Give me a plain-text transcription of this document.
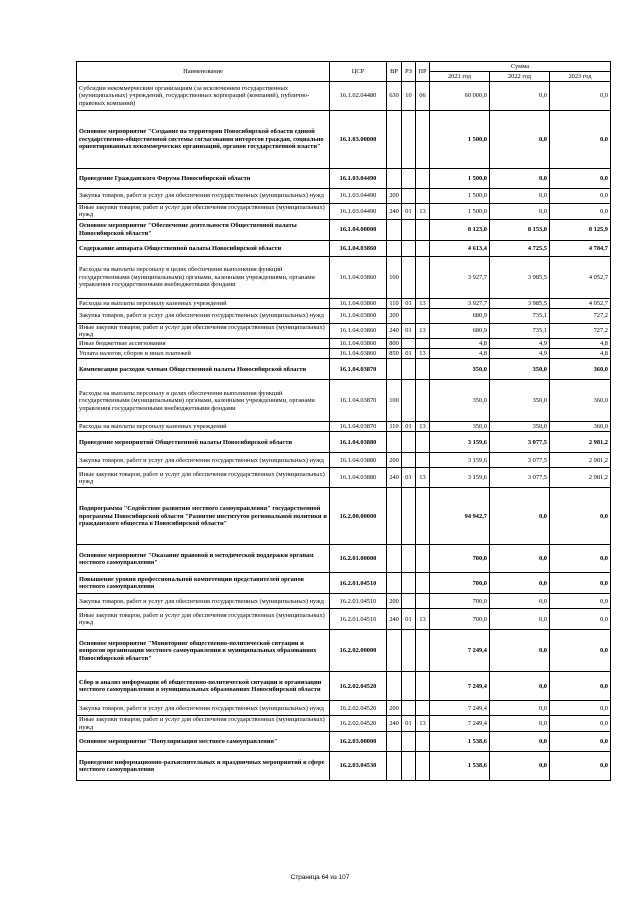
Наименование	ЦСР	ВР	РЗ	ПР	Сумма		
					2021 год	2022 год	2023 год
Субсидии некоммерческим организациям (за исключением государственных (муниципальных) учреждений, государственных корпораций (компаний), публично-правовых компаний)	16.1.02.04480	630	10	06	60 000,0	0,0	0,0
Основное мероприятие "Создание на территории Новосибирской области единой государственно-общественной системы согласования интересов граждан, социально ориентированных некоммерческих организаций, органов государственной власти"	16.1.03.00000				1 500,0	0,0	0,0
Проведение Гражданского Форума Новосибирской области	16.1.03.04490				1 500,0	0,0	0,0
Закупка товаров, работ и услуг для обеспечения государственных (муниципальных) нужд	16.1.03.04490	200			1 500,0	0,0	0,0
Иные закупки товаров, работ и услуг для обеспечения государственных (муниципальных) нужд	16.1.03.04490	240	01	13	1 500,0	0,0	0,0
Основное мероприятие "Обеспечение деятельности Общественной палаты Новосибирской области"	16.1.04.00000				8 123,0	8 153,0	8 125,9
Содержание аппарата Общественной палаты Новосибирской области	16.1.04.03860				4 613,4	4 725,5	4 784,7
Расходы на выплаты персоналу в целях обеспечения выполнения функций государственными (муниципальными) органами, казенными учреждениями, органами управления государственными внебюджетными фондами	16.1.04.03860	100			3 927,7	3 985,5	4 052,7
Расходы на выплаты персоналу казенных учреждений	16.1.04.03860	110	01	13	3 927,7	3 985,5	4 052,7
Закупка товаров, работ и услуг для обеспечения государственных (муниципальных) нужд	16.1.04.03860	200			680,9	735,1	727,2
Иные закупки товаров, работ и услуг для обеспечения государственных (муниципальных) нужд	16.1.04.03860	240	01	13	680,9	735,1	727,2
Иные бюджетные ассигнования	16.1.04.03860	800			4,8	4,9	4,8
Уплата налогов, сборов и иных платежей	16.1.04.03860	850	01	13	4,8	4,9	4,8
Компенсация расходов членам Общественной палаты Новосибирской области	16.1.04.03870				350,0	350,0	360,0
Расходы на выплаты персоналу в целях обеспечения выполнения функций государственными (муниципальными) органами, казенными учреждениями, органами управления государственными внебюджетными фондами	16.1.04.03870	100			350,0	350,0	360,0
Расходы на выплаты персоналу казенных учреждений	16.1.04.03870	110	01	13	350,0	350,0	360,0
Проведение мероприятий Общественной палаты Новосибирской области	16.1.04.03880				3 159,6	3 077,5	2 981,2
Закупка товаров, работ и услуг для обеспечения государственных (муниципальных) нужд	16.1.04.03880	200			3 159,6	3 077,5	2 981,2
Иные закупки товаров, работ и услуг для обеспечения государственных (муниципальных) нужд	16.1.04.03880	240	01	13	3 159,6	3 077,5	2 981,2
Подпрограмма "Содействие развитию местного самоуправления" государственной программы Новосибирской области "Развитие институтов региональной политики и гражданского общества в Новосибирской области"	16.2.00.00000				94 942,7	0,0	0,0
Основное мероприятие "Оказание правовой и методической поддержки органам местного самоуправления"	16.2.01.00000				700,0	0,0	0,0
Повышение уровня профессиональной компетенции представителей органов местного самоуправления	16.2.01.04510				700,0	0,0	0,0
Закупка товаров, работ и услуг для обеспечения государственных (муниципальных) нужд	16.2.01.04510	200			700,0	0,0	0,0
Иные закупки товаров, работ и услуг для обеспечения государственных (муниципальных) нужд	16.2.01.04510	240	01	13	700,0	0,0	0,0
Основное мероприятие "Мониторинг общественно-политической ситуации и вопросов организации местного самоуправления в муниципальных образованиях Новосибирской области"	16.2.02.00000				7 249,4	0,0	0,0
Сбор и анализ информации об общественно-политической ситуации и организации местного самоуправления в муниципальных образованиях Новосибирской области	16.2.02.04520				7 249,4	0,0	0,0
Закупка товаров, работ и услуг для обеспечения государственных (муниципальных) нужд	16.2.02.04520	200			7 249,4	0,0	0,0
Иные закупки товаров, работ и услуг для обеспечения государственных (муниципальных) нужд	16.2.02.04520	240	01	13	7 249,4	0,0	0,0
Основное мероприятие "Популяризация местного самоуправления"	16.2.03.00000				1 538,6	0,0	0,0
Проведение информационно-разъяснительных и праздничных мероприятий в сфере местного самоуправления	16.2.03.04530				1 538,6	0,0	0,0
Страница 64 из 107
